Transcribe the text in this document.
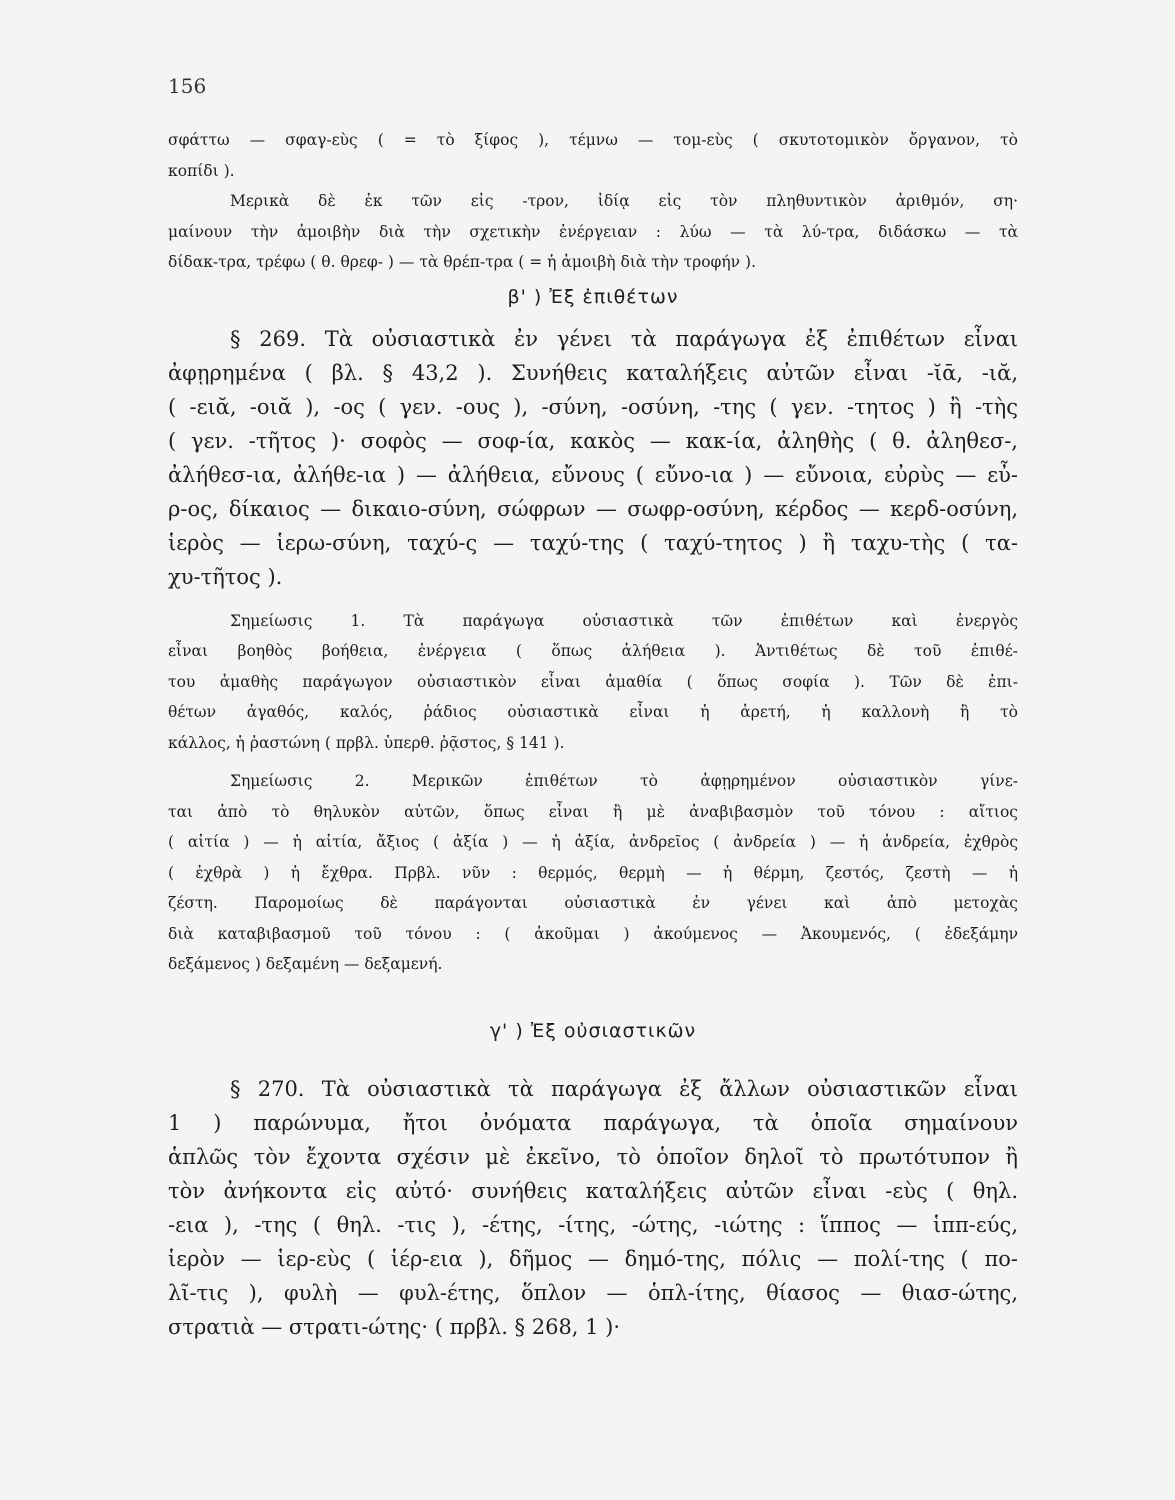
156

σφάττω — σφαγ-εὺς ( = τὸ ξίφος ), τέμνω — τομ-εὺς ( σκυτοτομικὸν ὄργανον, τὸ

κοπίδι ).

Μερικὰ δὲ ἐκ τῶν εἰς -τρον, ἰδίᾳ εἰς τὸν πληθυντικὸν ἀριθμόν, ση·

μαίνουν τὴν ἀμοιβὴν διὰ τὴν σχετικὴν ἐνέργειαν : λύω — τὰ λύ-τρα, διδάσκω — τὰ

δίδακ-τρα, τρέφω ( θ. θρεφ- ) — τὰ θρέπ-τρα ( = ἡ ἀμοιβὴ διὰ τὴν τροφήν ).

β' ) Ἐξ ἐπιθέτων

§ 269. Τὰ οὐσιαστικὰ ἐν γένει τὰ παράγωγα ἐξ ἐπιθέτων εἶναι

ἀφῃρημένα ( βλ. § 43,2 ). Συνήθεις καταλήξεις αὐτῶν εἶναι -ῐᾱ, -ιᾰ,

( -ειᾰ, -οιᾰ ), -ος ( γεν. -ους ), -σύνη, -οσύνη, -της ( γεν. -τητος ) ἢ -τὴς

( γεν. -τῆτος )· σοφὸς — σοφ-ία, κακὸς — κακ-ία, ἀληθὴς ( θ. ἀληθεσ-,

ἀλήθεσ-ια, ἀλήθε-ια ) — ἀλήθεια, εὔνους ( εὔνο-ια ) — εὔνοια, εὐρὺς — εὖ-

ρ-ος, δίκαιος — δικαιο-σύνη, σώφρων — σωφρ-οσύνη, κέρδος — κερδ-οσύνη,

ἱερὸς — ἱερω-σύνη, ταχύ-ς — ταχύ-της ( ταχύ-τητος ) ἢ ταχυ-τὴς ( τα-

χυ-τῆτος ).

Σημείωσις 1. Τὰ παράγωγα οὐσιαστικὰ τῶν ἐπιθέτων καὶ ἐνεργὸς

εἶναι βοηθὸς βοήθεια, ἐνέργεια ( ὅπως ἀλήθεια ). Ἀντιθέτως δὲ τοῦ ἐπιθέ-

του ἀμαθὴς παράγωγον οὐσιαστικὸν εἶναι ἀμαθία ( ὅπως σοφία ). Τῶν δὲ ἐπι-

θέτων ἀγαθός, καλός, ῥάδιος οὐσιαστικὰ εἶναι ἡ ἀρετή, ἡ καλλονὴ ἢ τὸ

κάλλος, ἡ ῥαστώνη ( πρβλ. ὑπερθ. ῥᾷστος, § 141 ).

Σημείωσις 2. Μερικῶν ἐπιθέτων τὸ ἀφῃρημένον οὐσιαστικὸν γίνε-

ται ἀπὸ τὸ θηλυκὸν αὐτῶν, ὅπως εἶναι ἢ μὲ ἀναβιβασμὸν τοῦ τόνου : αἴτιος

( αἰτία ) — ἡ αἰτία, ἄξιος ( ἀξία ) — ἡ ἀξία, ἀνδρεῖος ( ἀνδρεία ) — ἡ ἀνδρεία, ἐχθρὸς

( ἐχθρὰ ) ἡ ἔχθρα. Πρβλ. νῦν : θερμός, θερμὴ — ἡ θέρμη, ζεστός, ζεστὴ — ἡ

ζέστη. Παρομοίως δὲ παράγονται οὐσιαστικὰ ἐν γένει καὶ ἀπὸ μετοχὰς

διὰ καταβιβασμοῦ τοῦ τόνου : ( ἀκοῦμαι ) ἀκούμενος — Ἀκουμενός, ( ἐδεξάμην

δεξάμενος ) δεξαμένη — δεξαμενή.

γ' ) Ἐξ οὐσιαστικῶν

§ 270. Τὰ οὐσιαστικὰ τὰ παράγωγα ἐξ ἄλλων οὐσιαστικῶν εἶναι

1 ) παρώνυμα, ἤτοι ὀνόματα παράγωγα, τὰ ὁποῖα σημαίνουν

ἁπλῶς τὸν ἔχοντα σχέσιν μὲ ἐκεῖνο, τὸ ὁποῖον δηλοῖ τὸ πρωτότυπον ἢ

τὸν ἀνήκοντα εἰς αὐτό· συνήθεις καταλήξεις αὐτῶν εἶναι -εὺς ( θηλ.

-εια ), -της ( θηλ. -τις ), -έτης, -ίτης, -ώτης, -ιώτης : ἵππος — ἱππ-εύς,

ἱερὸν — ἱερ-εὺς ( ἱέρ-εια ), δῆμος — δημό-της, πόλις — πολί-της ( πο-

λῖ-τις ), φυλὴ — φυλ-έτης, ὅπλον — ὁπλ-ίτης, θίασος — θιασ-ώτης,

στρατιὰ — στρατι-ώτης· ( πρβλ. § 268, 1 )·
